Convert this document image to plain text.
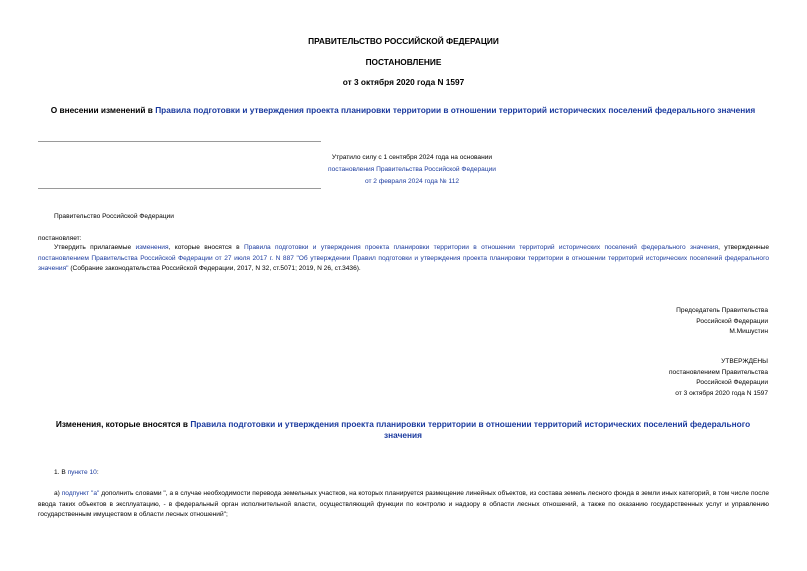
ПРАВИТЕЛЬСТВО РОССИЙСКОЙ ФЕДЕРАЦИИ
ПОСТАНОВЛЕНИЕ
от 3 октября 2020 года N 1597
О внесении изменений в Правила подготовки и утверждения проекта планировки территории в отношении территорий исторических поселений федерального значения
Утратило силу с 1 сентября 2024 года на основании
постановления Правительства Российской Федерации
от 2 февраля 2024 года № 112
Правительство Российской Федерации
постановляет:
Утвердить прилагаемые изменения, которые вносятся в Правила подготовки и утверждения проекта планировки территории в отношении территорий исторических поселений федерального значения, утвержденные постановлением Правительства Российской Федерации от 27 июля 2017 г. N 887 "Об утверждении Правил подготовки и утверждения проекта планировки территории в отношении территорий исторических поселений федерального значения" (Собрание законодательства Российской Федерации, 2017, N 32, ст.5071; 2019, N 26, ст.3436).
Председатель Правительства
Российской Федерации
М.Мишустин
УТВЕРЖДЕНЫ
постановлением Правительства
Российской Федерации
от 3 октября 2020 года N 1597
Изменения, которые вносятся в Правила подготовки и утверждения проекта планировки территории в отношении территорий исторических поселений федерального значения
1. В пункте 10:
а) подпункт "а" дополнить словами ", а в случае необходимости перевода земельных участков, на которых планируется размещение линейных объектов, из состава земель лесного фонда в земли иных категорий, в том числе после ввода таких объектов в эксплуатацию, - в федеральный орган исполнительной власти, осуществляющий функции по контролю и надзору в области лесных отношений, а также по оказанию государственных услуг и управлению государственным имуществом в области лесных отношений";
